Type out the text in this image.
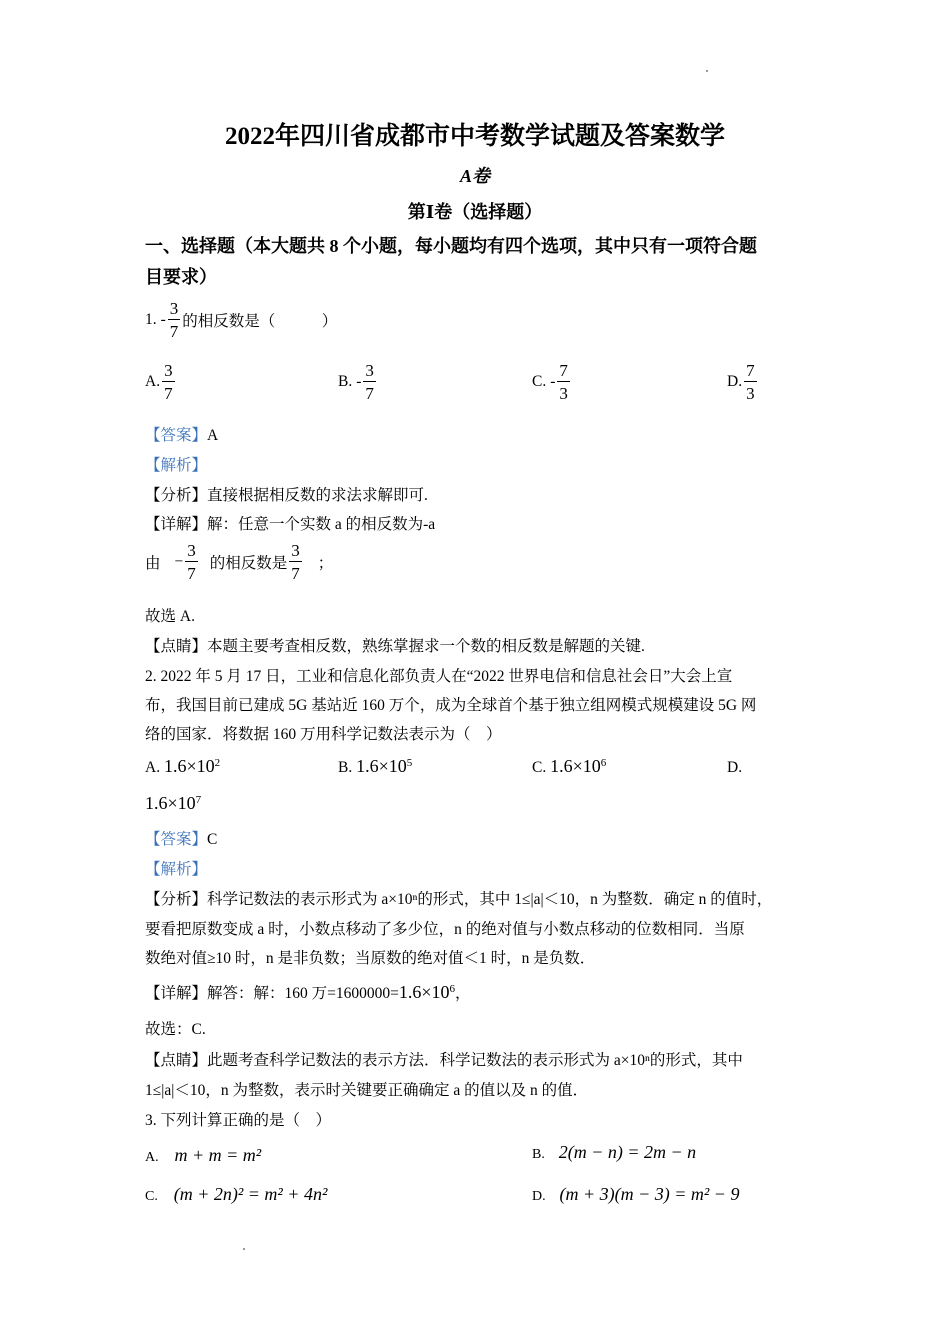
2022年四川省成都市中考数学试题及答案数学
A卷
第Ⅰ卷（选择题）
一、选择题（本大题共 8 个小题，每小题均有四个选项，其中只有一项符合题
目要求）
1. - $\frac{3}{7}$ 的相反数是（　　　）
A. $\frac{3}{7}$	B. - $\frac{3}{7}$	C. - $\frac{7}{3}$	D. $\frac{7}{3}$
【答案】A
【解析】
【分析】直接根据相反数的求法求解即可.
【详解】解：任意一个实数 a 的相反数为-a
由 − $\frac{3}{7}$ 的相反数是 $\frac{3}{7}$ ；
故选 A.
【点睛】本题主要考查相反数，熟练掌握求一个数的相反数是解题的关键.
2. 2022 年 5 月 17 日，工业和信息化部负责人在“2022 世界电信和信息社会日”大会上宣
布，我国目前已建成 5G 基站近 160 万个，成为全球首个基于独立组网模式规模建设 5G 网
络的国家．将数据 160 万用科学记数法表示为（　）
A. $1.6\times 10^2$	B. $1.6\times 10^5$	C. $1.6\times 10^6$	D.
$1.6\times 10^7$
【答案】C
【解析】
【分析】科学记数法的表示形式为 a×10ⁿ的形式，其中 1≤|a|＜10，n 为整数．确定 n 的值时，
要看把原数变成 a 时，小数点移动了多少位，n 的绝对值与小数点移动的位数相同．当原
数绝对值≥10 时，n 是非负数；当原数的绝对值＜1 时，n 是负数．
【详解】解答：解：160 万$=1600000=1.6\times 10^6$，
故选：C.
【点睛】此题考查科学记数法的表示方法．科学记数法的表示形式为 a×10ⁿ的形式，其中
1≤|a|＜10，n 为整数，表示时关键要正确确定 a 的值以及 n 的值．
3. 下列计算正确的是（　）
A. m + m = m²	B. 2(m − n) = 2m − n
C. (m + 2n)² = m² + 4n²	D. (m + 3)(m − 3) = m² − 9
